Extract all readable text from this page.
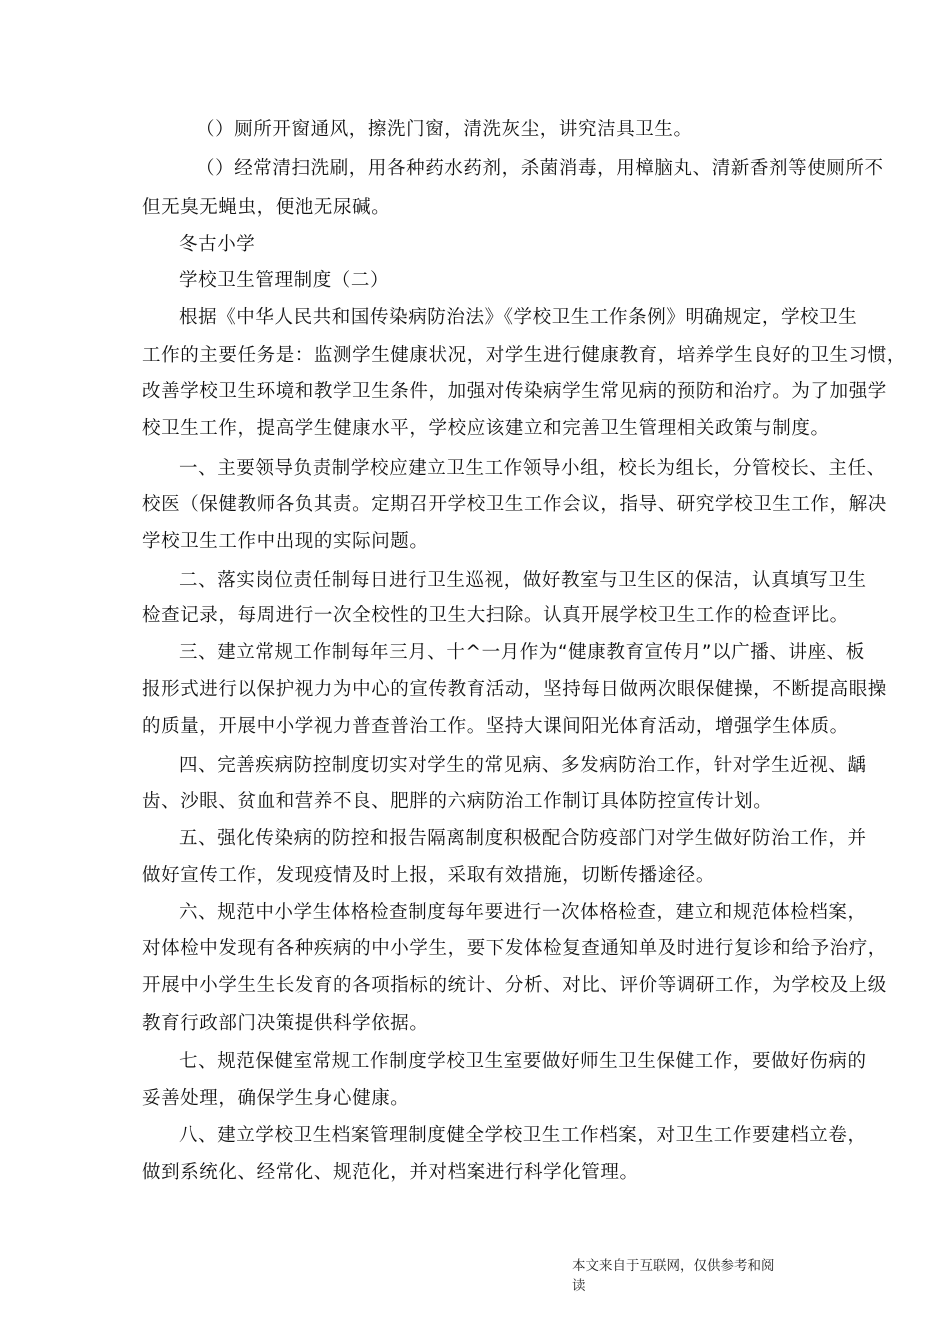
（）厕所开窗通风，擦洗门窗，清洗灰尘，讲究洁具卫生。
（）经常清扫洗刷，用各种药水药剂，杀菌消毒，用樟脑丸、清新香剂等使厕所不
但无臭无蝇虫，便池无尿碱。
冬古小学
学校卫生管理制度（二）
根据《中华人民共和国传染病防治法》《学校卫生工作条例》明确规定，学校卫生
工作的主要任务是：监测学生健康状况，对学生进行健康教育，培养学生良好的卫生习惯，
改善学校卫生环境和教学卫生条件，加强对传染病学生常见病的预防和治疗。为了加强学
校卫生工作，提高学生健康水平，学校应该建立和完善卫生管理相关政策与制度。
一、主要领导负责制学校应建立卫生工作领导小组，校长为组长，分管校长、主任、
校医（保健教师各负其责。定期召开学校卫生工作会议，指导、研究学校卫生工作，解决
学校卫生工作中出现的实际问题。
二、落实岗位责任制每日进行卫生巡视，做好教室与卫生区的保洁，认真填写卫生
检查记录，每周进行一次全校性的卫生大扫除。认真开展学校卫生工作的检查评比。
三、建立常规工作制每年三月、十^一月作为“健康教育宣传月”以广播、讲座、板
报形式进行以保护视力为中心的宣传教育活动，坚持每日做两次眼保健操，不断提高眼操
的质量，开展中小学视力普查普治工作。坚持大课间阳光体育活动，增强学生体质。
四、完善疾病防控制度切实对学生的常见病、多发病防治工作，针对学生近视、龋
齿、沙眼、贫血和营养不良、肥胖的六病防治工作制订具体防控宣传计划。
五、强化传染病的防控和报告隔离制度积极配合防疫部门对学生做好防治工作，并
做好宣传工作，发现疫情及时上报，采取有效措施，切断传播途径。
六、规范中小学生体格检查制度每年要进行一次体格检查，建立和规范体检档案，
对体检中发现有各种疾病的中小学生，要下发体检复查通知单及时进行复诊和给予治疗，
开展中小学生生长发育的各项指标的统计、分析、对比、评价等调研工作，为学校及上级
教育行政部门决策提供科学依据。
七、规范保健室常规工作制度学校卫生室要做好师生卫生保健工作，要做好伤病的
妥善处理，确保学生身心健康。
八、建立学校卫生档案管理制度健全学校卫生工作档案，对卫生工作要建档立卷，
做到系统化、经常化、规范化，并对档案进行科学化管理。
本文来自于互联网，仅供参考和阅
读
